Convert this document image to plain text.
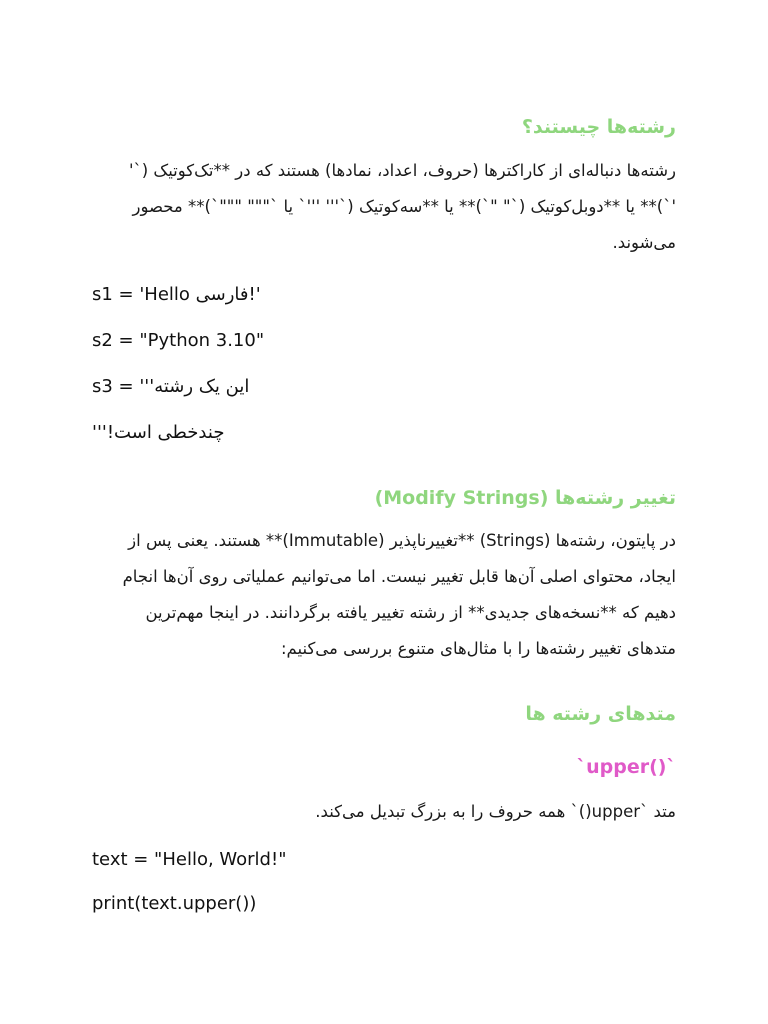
رشته‌ها چیستند؟

رشته‌ها دنباله‌ای از کاراکترها (حروف، اعداد، نمادها) هستند که در **تک‌کوتیک (`' '`)** یا **دوبل‌کوتیک (`" "`)** یا **سه‌کوتیک (`''' '''` یا `""" """`)** محصور می‌شوند.

s1 = 'Hello فارسی!'

s2 = "Python 3.10"

s3 = '''این یک رشته

چندخطی است!'''

تغییر رشته‌ها (Modify Strings)

در پایتون، رشته‌ها (Strings) **تغییرناپذیر (Immutable)** هستند. یعنی پس از ایجاد، محتوای اصلی آن‌ها قابل تغییر نیست. اما می‌توانیم عملیاتی روی آن‌ها انجام دهیم که **نسخه‌های جدیدی** از رشته تغییر یافته برگردانند. در اینجا مهم‌ترین متدهای تغییر رشته‌ها را با مثال‌های متنوع بررسی می‌کنیم:

متدهای رشته ها
`upper()`

متد `upper()` همه حروف را به بزرگ تبدیل می‌کند.

text = "Hello, World!"

print(text.upper())
